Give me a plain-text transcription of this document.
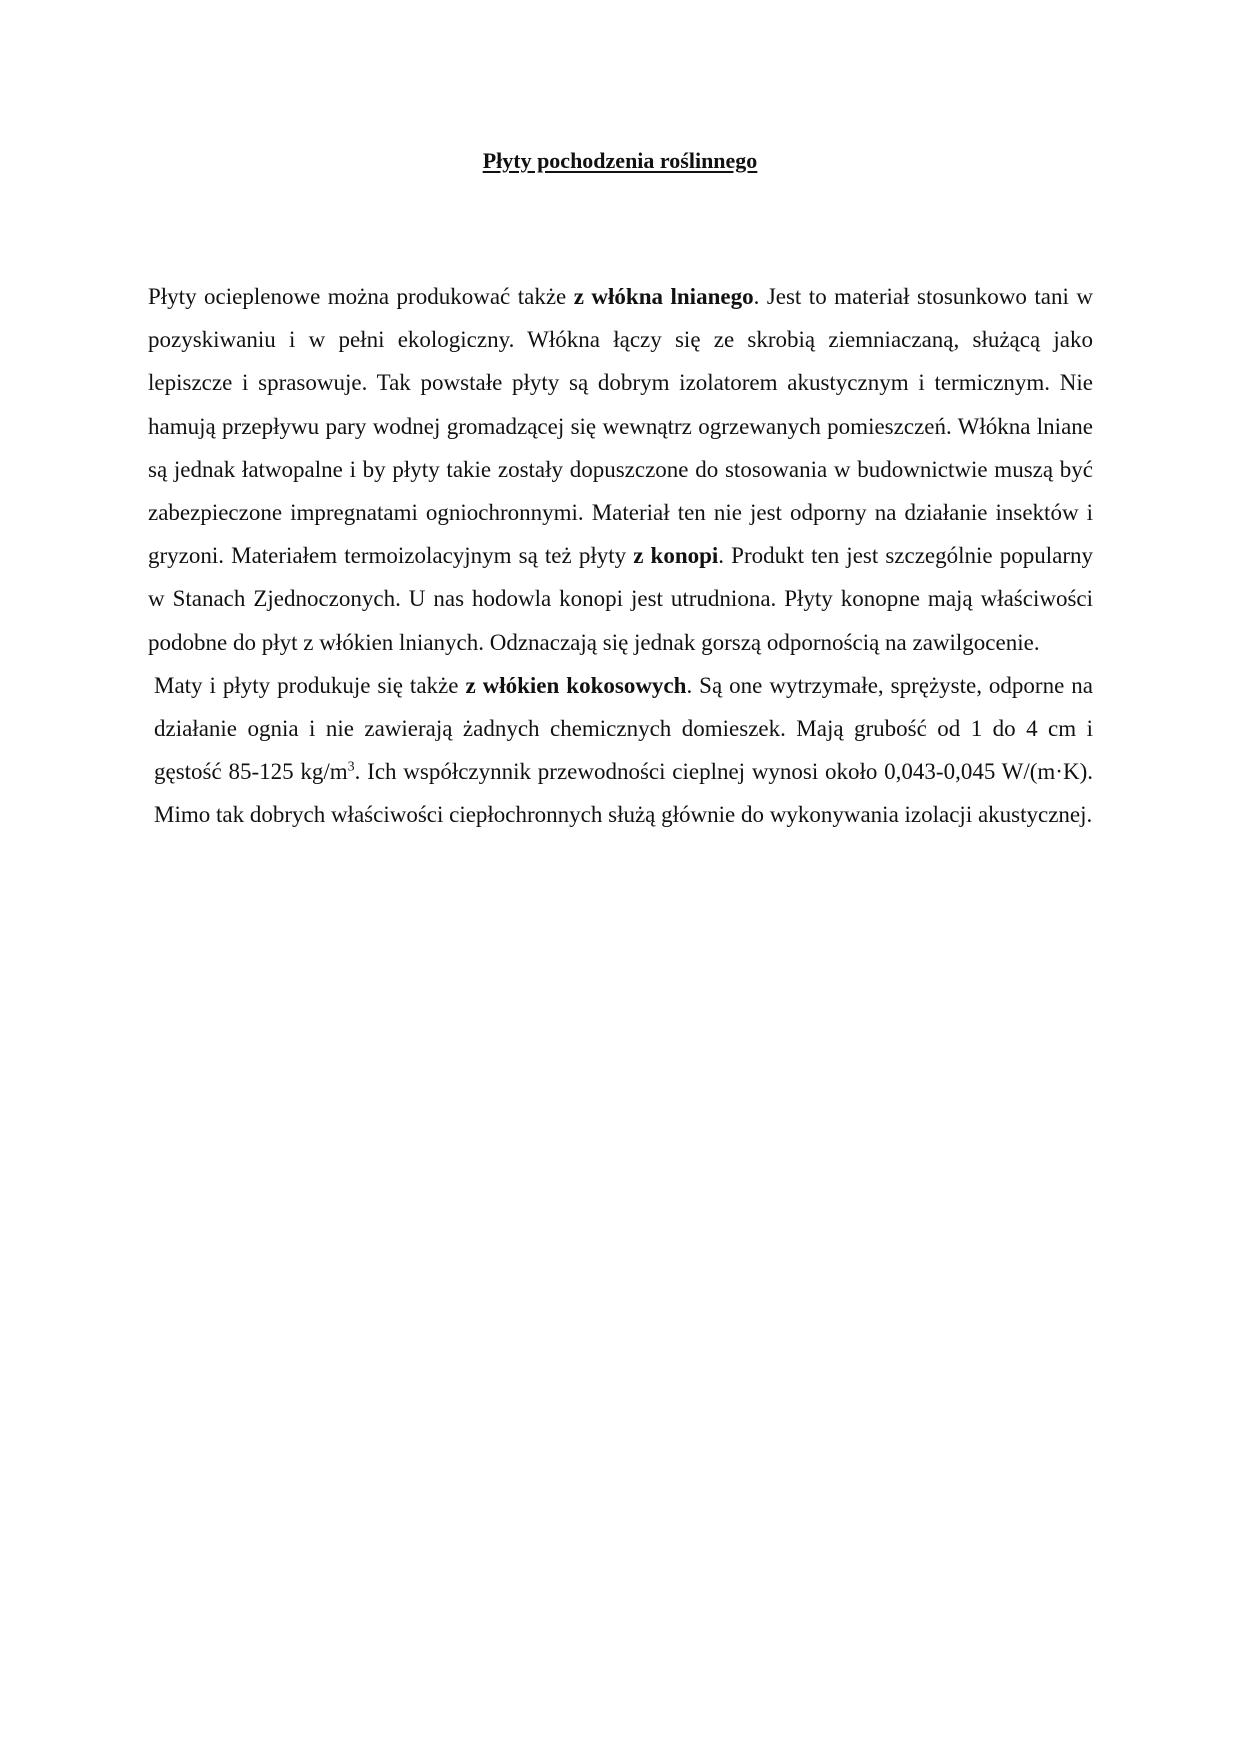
Płyty pochodzenia roślinnego

Płyty ocieplenowe można produkować także z włókna lnianego. Jest to materiał stosunkowo tani w pozyskiwaniu i w pełni ekologiczny. Włókna łączy się ze skrobią ziemniaczaną, służącą jako lepiszcze i sprasowuje. Tak powstałe płyty są dobrym izolatorem akustycznym i termicznym. Nie hamują przepływu pary wodnej gromadzącej się wewnątrz ogrzewanych pomieszczeń. Włókna lniane są jednak łatwopalne i by płyty takie zostały dopuszczone do stosowania w budownictwie muszą być zabezpieczone impregnatami ogniochronnymi. Materiał ten nie jest odporny na działanie insektów i gryzoni. Materiałem termoizolacyjnym są też płyty z konopi. Produkt ten jest szczególnie popularny w Stanach Zjednoczonych. U nas hodowla konopi jest utrudniona. Płyty konopne mają właściwości podobne do płyt z włókien lnianych. Odznaczają się jednak gorszą odpornością na zawilgocenie.

Maty i płyty produkuje się także z włókien kokosowych. Są one wytrzymałe, sprężyste, odporne na działanie ognia i nie zawierają żadnych chemicznych domieszek. Mają grubość od 1 do 4 cm i gęstość 85-125 $kg/m^3$. Ich współczynnik przewodności cieplnej wynosi około 0,043-0,045 W/(m·K). Mimo tak dobrych właściwości ciepłochronnych służą głównie do wykonywania izolacji akustycznej.
